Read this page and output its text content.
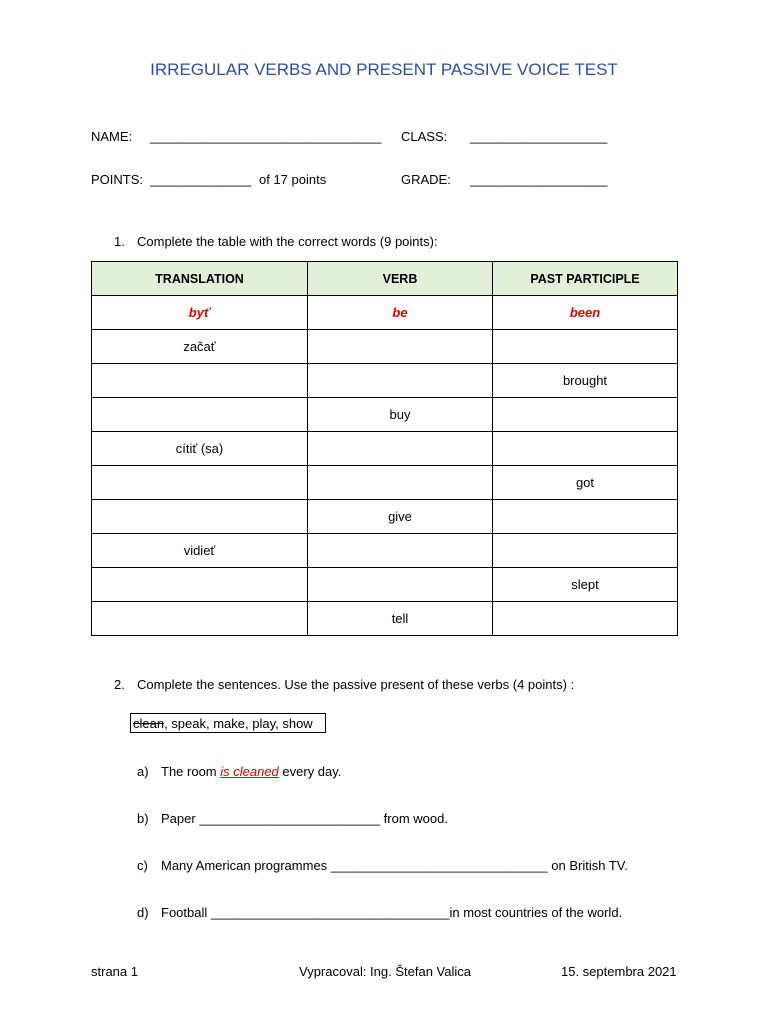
IRREGULAR VERBS AND PRESENT PASSIVE VOICE TEST
NAME: ________________________________ CLASS: ___________________
POINTS: ______________ of 17 points	GRADE: ___________________
1. Complete the table with the correct words (9 points):
TRANSLATION	VERB	PAST PARTICIPLE
byť	be	been
začať		
		brought
	buy	
cítiť (sa)		
		got
	give	
vidieť		
		slept
	tell	
2. Complete the sentences. Use the passive present of these verbs (4 points) :
clean, speak, make, play, show
a) The room is cleaned every day.
b) Paper _________________________ from wood.
c) Many American programmes ______________________________ on British TV.
d) Football _________________________________in most countries of the world.
strana 1	Vypracoval: Ing. Štefan Valica	15. septembra 2021
